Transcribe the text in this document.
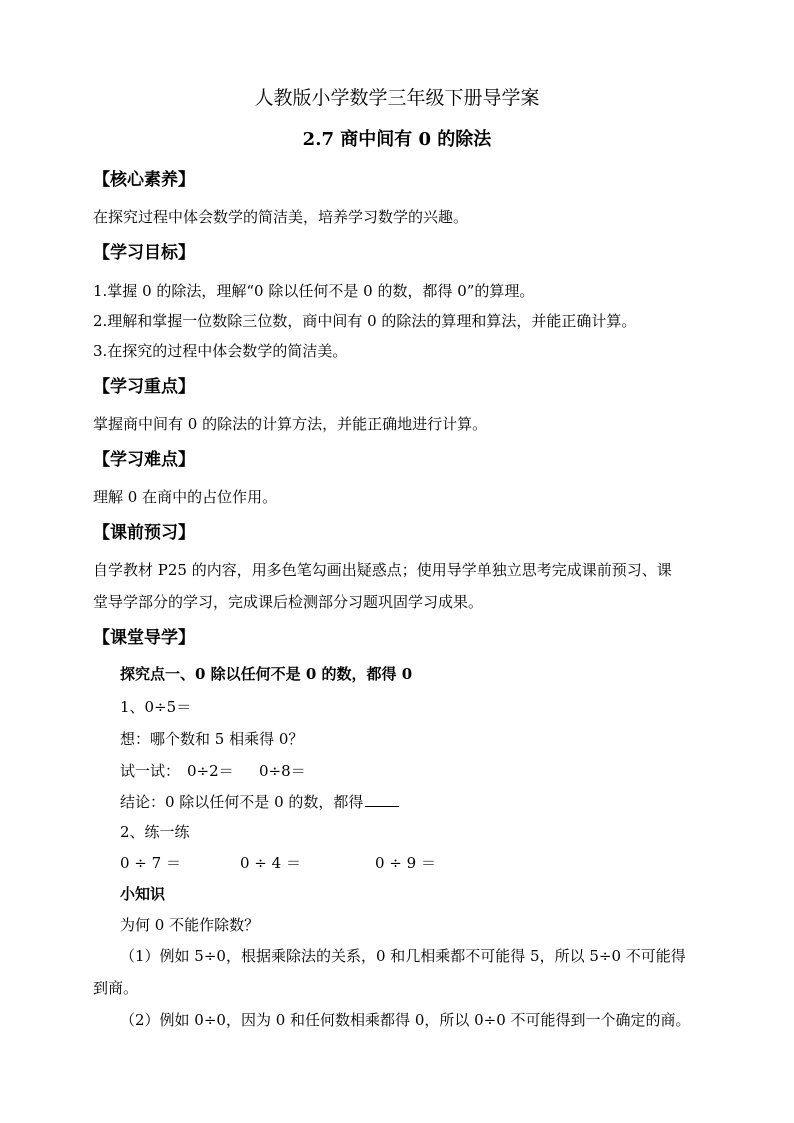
人教版小学数学三年级下册导学案
2.7 商中间有 0 的除法
【核心素养】
在探究过程中体会数学的简洁美，培养学习数学的兴趣。
【学习目标】
1.掌握 0 的除法，理解“0 除以任何不是 0 的数，都得 0”的算理。
2.理解和掌握一位数除三位数，商中间有 0 的除法的算理和算法，并能正确计算。
3.在探究的过程中体会数学的简洁美。
【学习重点】
掌握商中间有 0 的除法的计算方法，并能正确地进行计算。
【学习难点】
理解 0 在商中的占位作用。
【课前预习】
自学教材 P25 的内容，用多色笔勾画出疑惑点；使用导学单独立思考完成课前预习、课
堂导学部分的学习，完成课后检测部分习题巩固学习成果。
【课堂导学】
探究点一、0 除以任何不是 0 的数，都得 0
1、0÷5＝
想：哪个数和 5 相乘得 0？
试一试： 0÷2＝ 0÷8＝
结论：0 除以任何不是 0 的数，都得
2、练一练
0 ÷ 7 ＝	0 ÷ 4 ＝	0 ÷ 9 ＝
小知识
为何 0 不能作除数？
（1）例如 5÷0，根据乘除法的关系，0 和几相乘都不可能得 5，所以 5÷0 不可能得
到商。
（2）例如 0÷0，因为 0 和任何数相乘都得 0，所以 0÷0 不可能得到一个确定的商。
